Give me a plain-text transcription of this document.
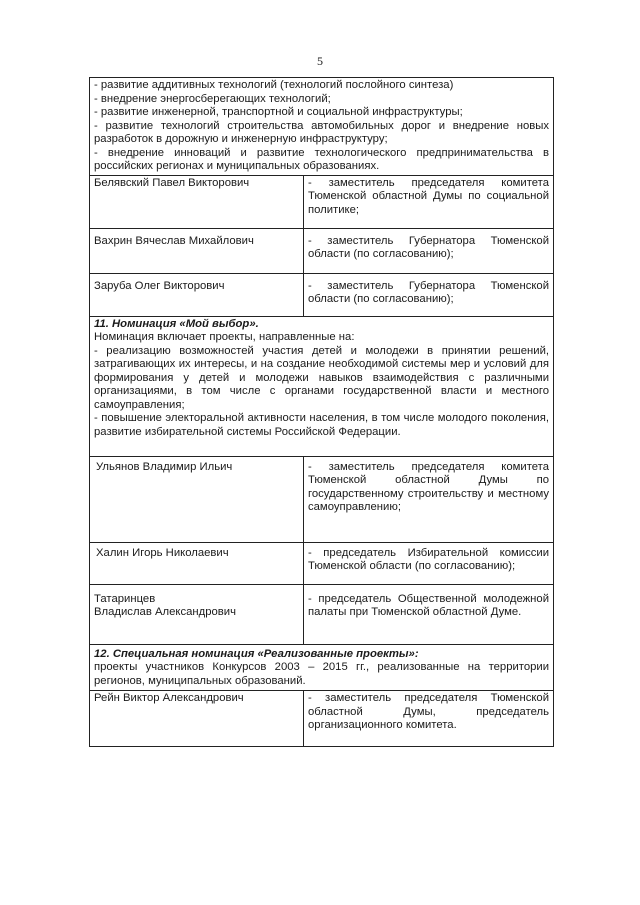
5

- развитие аддитивных технологий (технологий послойного синтеза)

- внедрение энергосберегающих технологий;

- развитие инженерной, транспортной и социальной инфраструктуры;

- развитие технологий строительства автомобильных дорог и внедрение новых разработок в дорожную и инженерную инфраструктуру;

- внедрение инноваций и развитие технологического предпринимательства в российских регионах и муниципальных образованиях.	

Белявский Павел Викторович	- заместитель председателя комитета Тюменской областной Думы по социальной политике;
Вахрин Вячеслав Михайлович	- заместитель Губернатора Тюменской области (по согласованию);
Заруба Олег Викторович	- заместитель Губернатора Тюменской области (по согласованию);

11. Номинация «Мой выбор».

Номинация включает проекты, направленные на:

- реализацию возможностей участия детей и молодежи в принятии решений, затрагивающих их интересы, и на создание необходимой системы мер и условий для формирования у детей и молодежи навыков взаимодействия с различными организациями, в том числе с органами государственной власти и местного самоуправления;

- повышение электоральной активности населения, в том числе молодого поколения, развитие избирательной системы Российской Федерации.	

Ульянов Владимир Ильич	- заместитель председателя комитета Тюменской областной Думы по государственному строительству и местному самоуправлению;
Халин Игорь Николаевич	- председатель Избирательной комиссии Тюменской области (по согласованию);

Татаринцев
Владислав Александрович	- председатель Общественной молодежной палаты при Тюменской областной Думе.

12. Специальная номинация «Реализованные проекты»:

проекты участников Конкурсов 2003 – 2015 гг., реализованные на территории регионов, муниципальных образований.	

Рейн Виктор Александрович	- заместитель председателя Тюменской областной Думы, председатель организационного комитета.
